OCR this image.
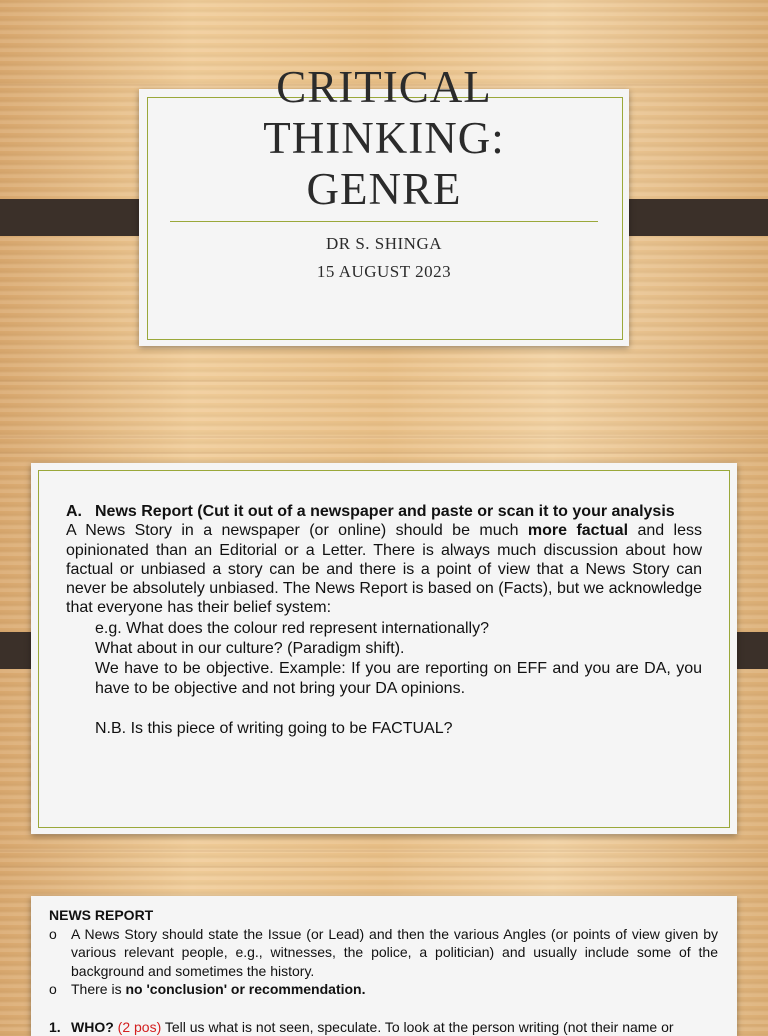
CRITICAL
THINKING:
GENRE
DR S. SHINGA
15 AUGUST 2023
A. News Report (Cut it out of a newspaper and paste or scan it to your analysis

A News Story in a newspaper (or online) should be much more factual and less opinionated than an Editorial or a Letter. There is always much discussion about how factual or unbiased a story can be and there is a point of view that a News Story can never be absolutely unbiased. The News Report is based on (Facts), but we acknowledge that everyone has their belief system:

e.g. What does the colour red represent internationally?
What about in our culture? (Paradigm shift).
We have to be objective. Example: If you are reporting on EFF and you are DA, you have to be objective and not bring your DA opinions.
N.B. Is this piece of writing going to be FACTUAL?
NEWS REPORT
o A News Story should state the Issue (or Lead) and then the various Angles (or points of view given by various relevant people, e.g., witnesses, the police, a politician) and usually include some of the background and sometimes the history.
o There is no 'conclusion' or recommendation.
1. WHO? (2 pos) Tell us what is not seen, speculate. To look at the person writing (not their name or
